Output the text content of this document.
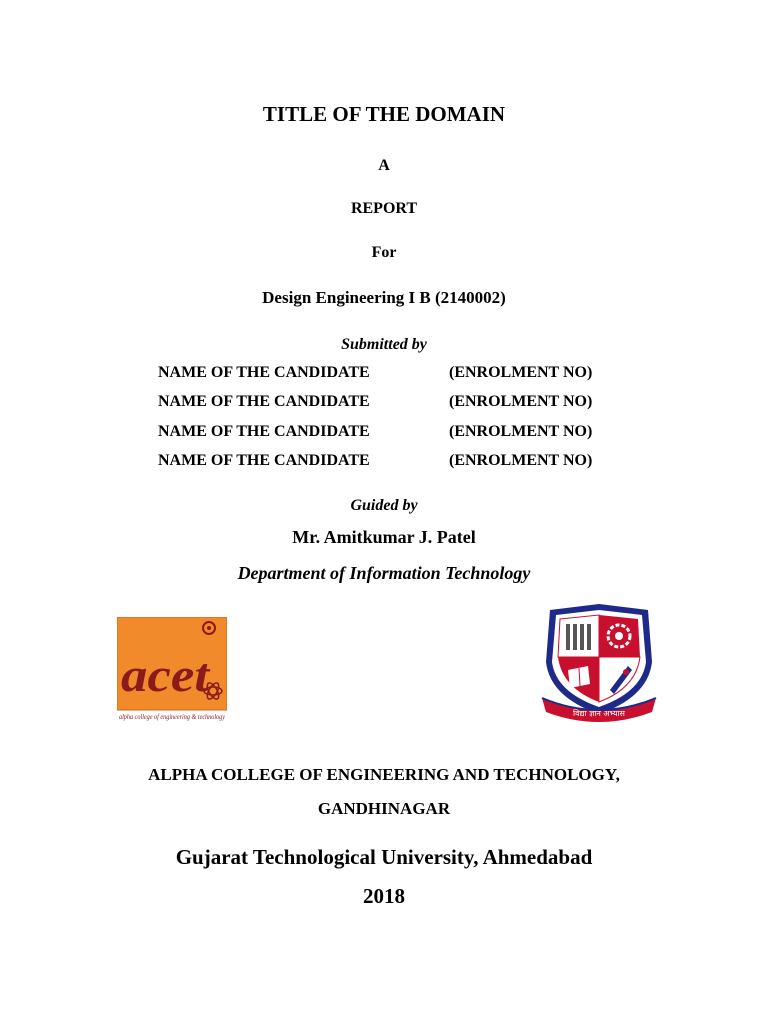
TITLE OF THE DOMAIN
A
REPORT
For
Design Engineering I B (2140002)
Submitted by
NAME OF THE CANDIDATE	(ENROLMENT NO)
NAME OF THE CANDIDATE	(ENROLMENT NO)
NAME OF THE CANDIDATE	(ENROLMENT NO)
NAME OF THE CANDIDATE	(ENROLMENT NO)
Guided by
Mr. Amitkumar J. Patel
Department of Information Technology
acet
alpha college of engineering & technology	विद्या ज्ञान अभ्यास
ALPHA COLLEGE OF ENGINEERING AND TECHNOLOGY,
GANDHINAGAR
Gujarat Technological University, Ahmedabad
2018
